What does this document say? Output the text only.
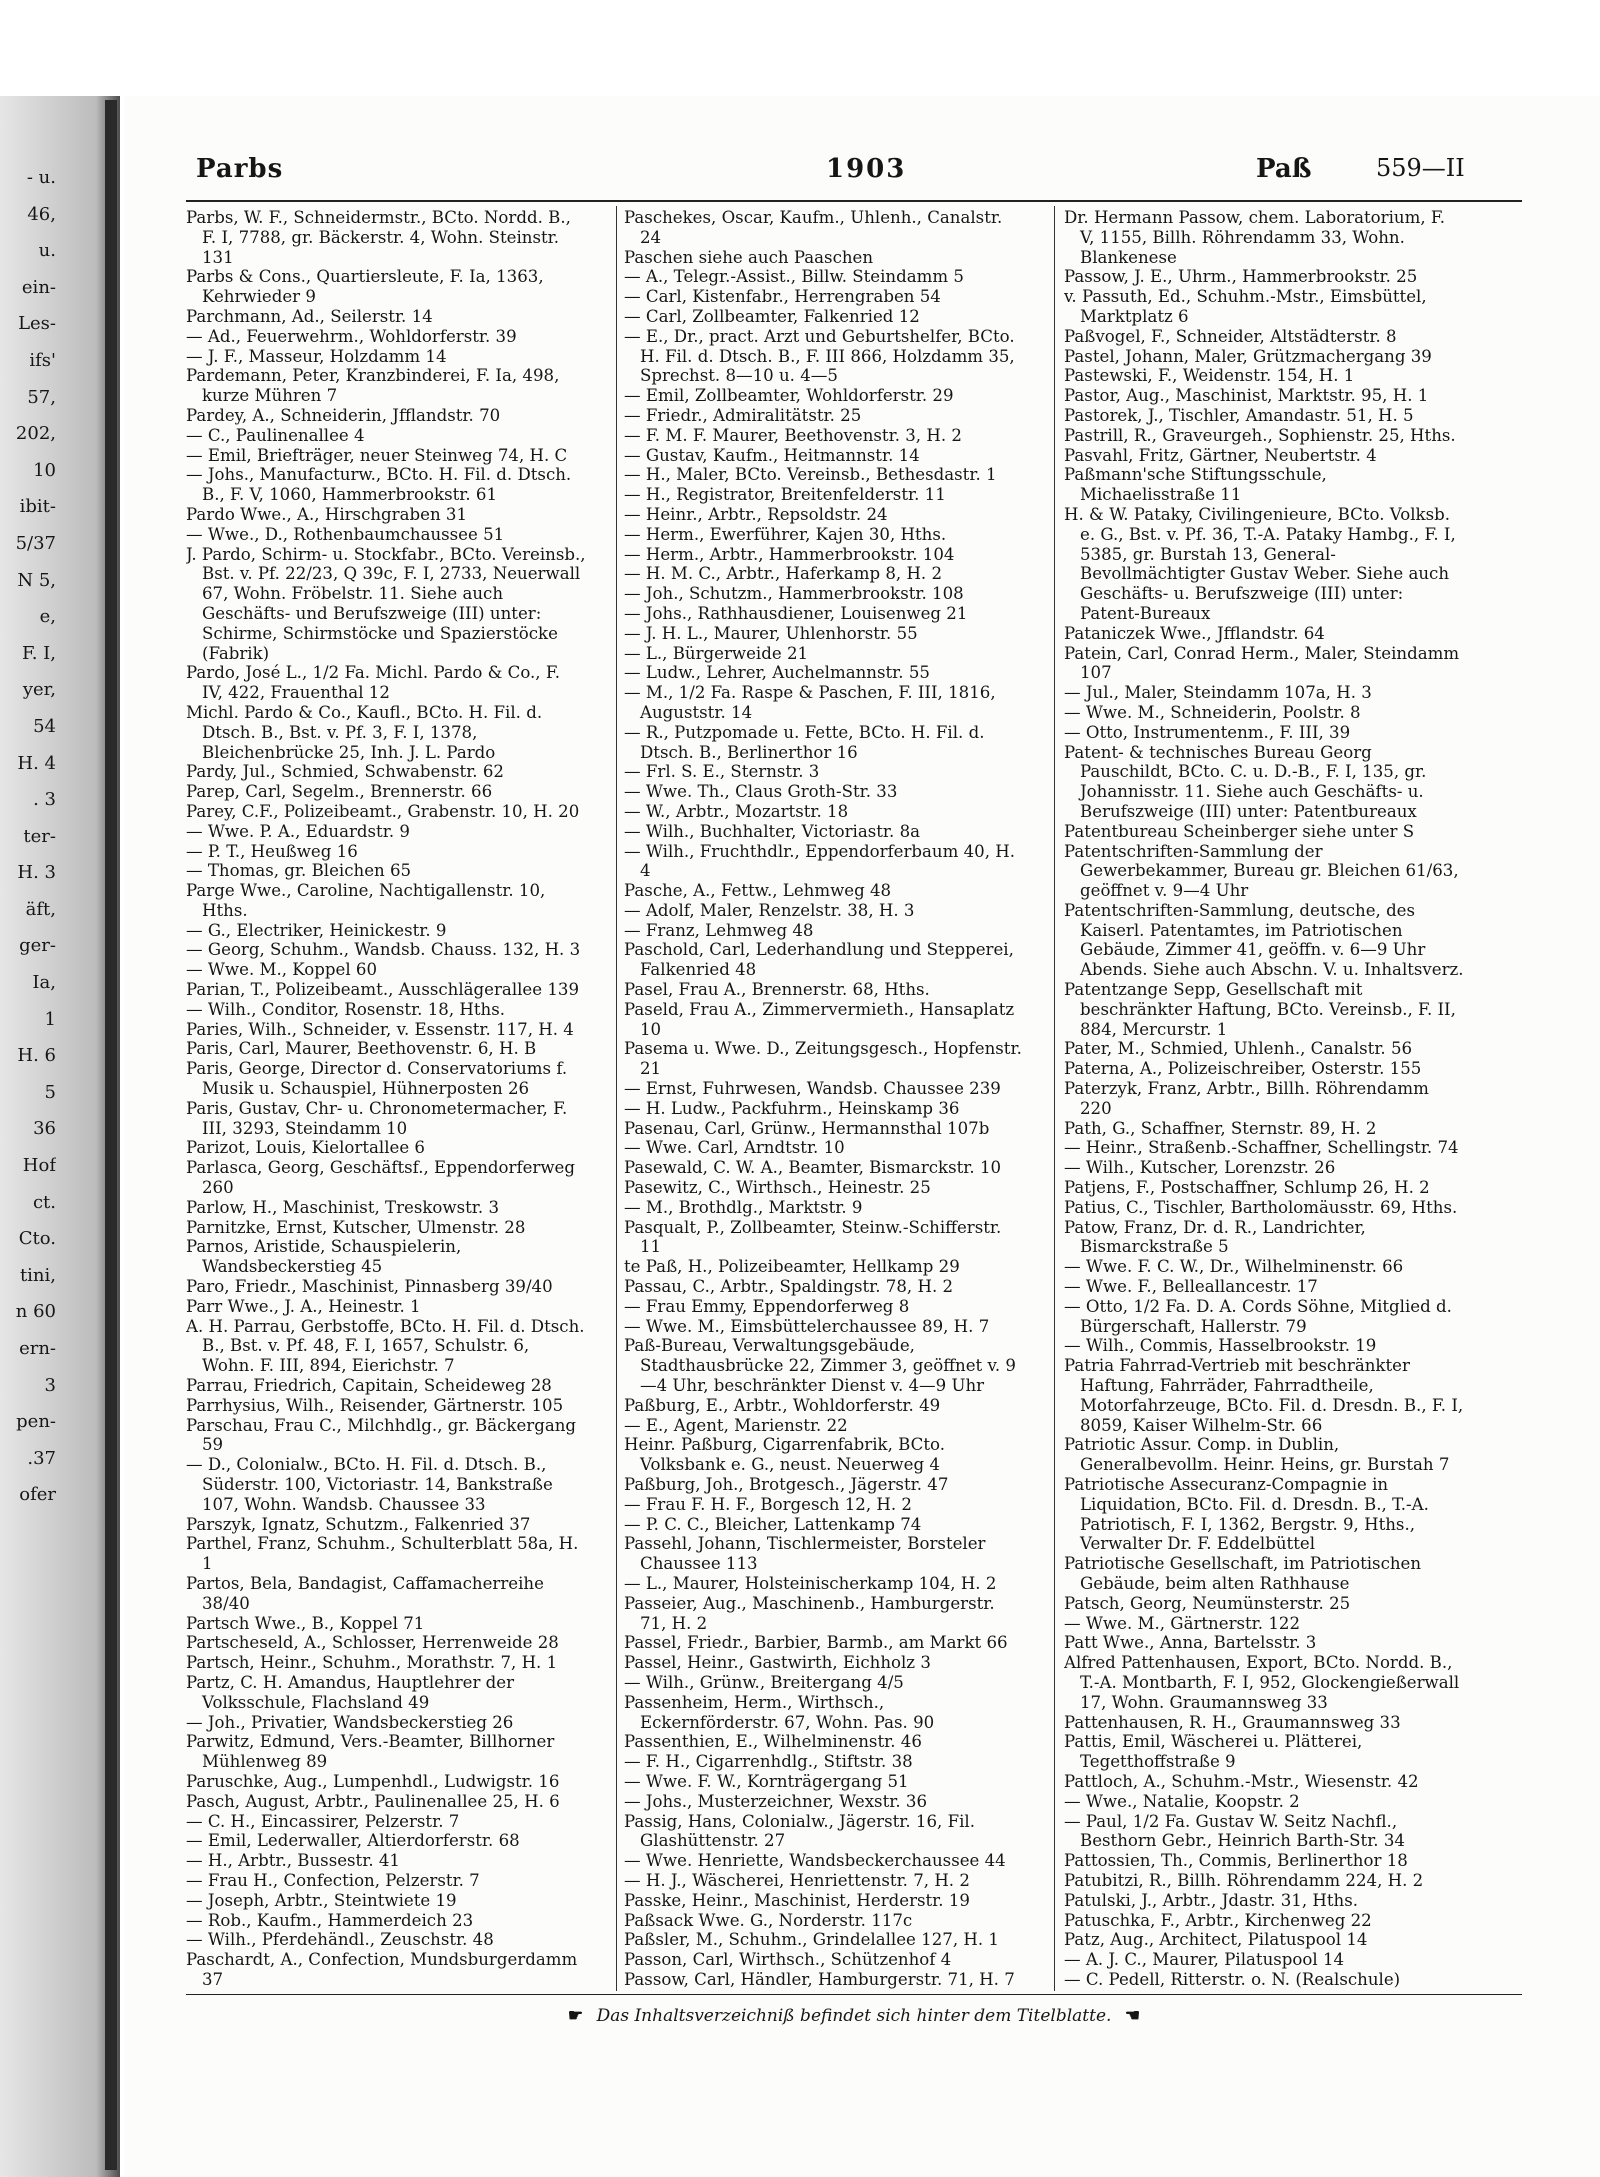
- u.
46,
u.
ein-
Les-
ifs'
57,
202,
10
ibit-
5/37
N 5,
e,
F. I,
yer,
54
H. 4
. 3
ter-
H. 3
äft,
ger-
Ia,
1
H. 6
5
36
Hof
ct.
Cto.
tini,
n 60
ern-
3
pen-
.37
ofer
Parbs	1903	Paß	559—II
Parbs, W. F., Schneidermstr., BCto. Nordd. B., F. I, 7788, gr. Bäckerstr. 4, Wohn. Steinstr. 131
Parbs & Cons., Quartiersleute, F. Ia, 1363, Kehrwieder 9
Parchmann, Ad., Seilerstr. 14
— Ad., Feuerwehrm., Wohldorferstr. 39
— J. F., Masseur, Holzdamm 14
Pardemann, Peter, Kranzbinderei, F. Ia, 498, kurze Mühren 7
Pardey, A., Schneiderin, Jfflandstr. 70
— C., Paulinenallee 4
— Emil, Briefträger, neuer Steinweg 74, H. C
— Johs., Manufacturw., BCto. H. Fil. d. Dtsch. B., F. V, 1060, Hammerbrookstr. 61
Pardo Wwe., A., Hirschgraben 31
— Wwe., D., Rothenbaumchaussee 51
J. Pardo, Schirm- u. Stockfabr., BCto. Vereinsb., Bst. v. Pf. 22/23, Q 39c, F. I, 2733, Neuerwall 67, Wohn. Fröbelstr. 11. Siehe auch Geschäfts- und Berufszweige (III) unter: Schirme, Schirmstöcke und Spazierstöcke (Fabrik)
Pardo, José L., 1/2 Fa. Michl. Pardo & Co., F. IV, 422, Frauenthal 12
Michl. Pardo & Co., Kaufl., BCto. H. Fil. d. Dtsch. B., Bst. v. Pf. 3, F. I, 1378, Bleichenbrücke 25, Inh. J. L. Pardo
Pardy, Jul., Schmied, Schwabenstr. 62
Parep, Carl, Segelm., Brennerstr. 66
Parey, C.F., Polizeibeamt., Grabenstr. 10, H. 20
— Wwe. P. A., Eduardstr. 9
— P. T., Heußweg 16
— Thomas, gr. Bleichen 65
Parge Wwe., Caroline, Nachtigallenstr. 10, Hths.
— G., Electriker, Heinickestr. 9
— Georg, Schuhm., Wandsb. Chauss. 132, H. 3
— Wwe. M., Koppel 60
Parian, T., Polizeibeamt., Ausschlägerallee 139
— Wilh., Conditor, Rosenstr. 18, Hths.
Paries, Wilh., Schneider, v. Essenstr. 117, H. 4
Paris, Carl, Maurer, Beethovenstr. 6, H. B
Paris, George, Director d. Conservatoriums f. Musik u. Schauspiel, Hühnerposten 26
Paris, Gustav, Chr- u. Chronometermacher, F. III, 3293, Steindamm 10
Parizot, Louis, Kielortallee 6
Parlasca, Georg, Geschäftsf., Eppendorferweg 260
Parlow, H., Maschinist, Treskowstr. 3
Parnitzke, Ernst, Kutscher, Ulmenstr. 28
Parnos, Aristide, Schauspielerin, Wandsbeckerstieg 45
Paro, Friedr., Maschinist, Pinnasberg 39/40
Parr Wwe., J. A., Heinestr. 1
A. H. Parrau, Gerbstoffe, BCto. H. Fil. d. Dtsch. B., Bst. v. Pf. 48, F. I, 1657, Schulstr. 6, Wohn. F. III, 894, Eierichstr. 7
Parrau, Friedrich, Capitain, Scheideweg 28
Parrhysius, Wilh., Reisender, Gärtnerstr. 105
Parschau, Frau C., Milchhdlg., gr. Bäckergang 59
— D., Colonialw., BCto. H. Fil. d. Dtsch. B., Süderstr. 100, Victoriastr. 14, Bankstraße 107, Wohn. Wandsb. Chaussee 33
Parszyk, Ignatz, Schutzm., Falkenried 37
Parthel, Franz, Schuhm., Schulterblatt 58a, H. 1
Partos, Bela, Bandagist, Caffamacherreihe 38/40
Partsch Wwe., B., Koppel 71
Partscheseld, A., Schlosser, Herrenweide 28
Partsch, Heinr., Schuhm., Morathstr. 7, H. 1
Partz, C. H. Amandus, Hauptlehrer der Volksschule, Flachsland 49
— Joh., Privatier, Wandsbeckerstieg 26
Parwitz, Edmund, Vers.-Beamter, Billhorner Mühlenweg 89
Paruschke, Aug., Lumpenhdl., Ludwigstr. 16
Pasch, August, Arbtr., Paulinenallee 25, H. 6
— C. H., Eincassirer, Pelzerstr. 7
— Emil, Lederwaller, Altierdorferstr. 68
— H., Arbtr., Bussestr. 41
— Frau H., Confection, Pelzerstr. 7
— Joseph, Arbtr., Steintwiete 19
— Rob., Kaufm., Hammerdeich 23
— Wilh., Pferdehändl., Zeuschstr. 48
Paschardt, A., Confection, Mundsburgerdamm 37
Paschekes, Oscar, Kaufm., Uhlenh., Canalstr. 24
Paschen siehe auch Paaschen
— A., Telegr.-Assist., Billw. Steindamm 5
— Carl, Kistenfabr., Herrengraben 54
— Carl, Zollbeamter, Falkenried 12
— E., Dr., pract. Arzt und Geburtshelfer, BCto. H. Fil. d. Dtsch. B., F. III 866, Holzdamm 35, Sprechst. 8—10 u. 4—5
— Emil, Zollbeamter, Wohldorferstr. 29
— Friedr., Admiralitätstr. 25
— F. M. F. Maurer, Beethovenstr. 3, H. 2
— Gustav, Kaufm., Heitmannstr. 14
— H., Maler, BCto. Vereinsb., Bethesdastr. 1
— H., Registrator, Breitenfelderstr. 11
— Heinr., Arbtr., Repsoldstr. 24
— Herm., Ewerführer, Kajen 30, Hths.
— Herm., Arbtr., Hammerbrookstr. 104
— H. M. C., Arbtr., Haferkamp 8, H. 2
— Joh., Schutzm., Hammerbrookstr. 108
— Johs., Rathhausdiener, Louisenweg 21
— J. H. L., Maurer, Uhlenhorstr. 55
— L., Bürgerweide 21
— Ludw., Lehrer, Auchelmannstr. 55
— M., 1/2 Fa. Raspe & Paschen, F. III, 1816, Auguststr. 14
— R., Putzpomade u. Fette, BCto. H. Fil. d. Dtsch. B., Berlinerthor 16
— Frl. S. E., Sternstr. 3
— Wwe. Th., Claus Groth-Str. 33
— W., Arbtr., Mozartstr. 18
— Wilh., Buchhalter, Victoriastr. 8a
— Wilh., Fruchthdlr., Eppendorferbaum 40, H. 4
Pasche, A., Fettw., Lehmweg 48
— Adolf, Maler, Renzelstr. 38, H. 3
— Franz, Lehmweg 48
Paschold, Carl, Lederhandlung und Stepperei, Falkenried 48
Pasel, Frau A., Brennerstr. 68, Hths.
Paseld, Frau A., Zimmervermieth., Hansaplatz 10
Pasema u. Wwe. D., Zeitungsgesch., Hopfenstr. 21
— Ernst, Fuhrwesen, Wandsb. Chaussee 239
— H. Ludw., Packfuhrm., Heinskamp 36
Pasenau, Carl, Grünw., Hermannsthal 107b
— Wwe. Carl, Arndtstr. 10
Pasewald, C. W. A., Beamter, Bismarckstr. 10
Pasewitz, C., Wirthsch., Heinestr. 25
— M., Brothdlg., Marktstr. 9
Pasqualt, P., Zollbeamter, Steinw.-Schifferstr. 11
te Paß, H., Polizeibeamter, Hellkamp 29
Passau, C., Arbtr., Spaldingstr. 78, H. 2
— Frau Emmy, Eppendorferweg 8
— Wwe. M., Eimsbüttelerchaussee 89, H. 7
Paß-Bureau, Verwaltungsgebäude, Stadthausbrücke 22, Zimmer 3, geöffnet v. 9—4 Uhr, beschränkter Dienst v. 4—9 Uhr
Paßburg, E., Arbtr., Wohldorferstr. 49
— E., Agent, Marienstr. 22
Heinr. Paßburg, Cigarrenfabrik, BCto. Volksbank e. G., neust. Neuerweg 4
Paßburg, Joh., Brotgesch., Jägerstr. 47
— Frau F. H. F., Borgesch 12, H. 2
— P. C. C., Bleicher, Lattenkamp 74
Passehl, Johann, Tischlermeister, Borsteler Chaussee 113
— L., Maurer, Holsteinischerkamp 104, H. 2
Passeier, Aug., Maschinenb., Hamburgerstr. 71, H. 2
Passel, Friedr., Barbier, Barmb., am Markt 66
Passel, Heinr., Gastwirth, Eichholz 3
— Wilh., Grünw., Breitergang 4/5
Passenheim, Herm., Wirthsch., Eckernförderstr. 67, Wohn. Pas. 90
Passenthien, E., Wilhelminenstr. 46
— F. H., Cigarrenhdlg., Stiftstr. 38
— Wwe. F. W., Kornträgergang 51
— Johs., Musterzeichner, Wexstr. 36
Passig, Hans, Colonialw., Jägerstr. 16, Fil. Glashüttenstr. 27
— Wwe. Henriette, Wandsbeckerchaussee 44
— H. J., Wäscherei, Henriettenstr. 7, H. 2
Passke, Heinr., Maschinist, Herderstr. 19
Paßsack Wwe. G., Norderstr. 117c
Paßsler, M., Schuhm., Grindelallee 127, H. 1
Passon, Carl, Wirthsch., Schützenhof 4
Passow, Carl, Händler, Hamburgerstr. 71, H. 7
Dr. Hermann Passow, chem. Laboratorium, F. V, 1155, Billh. Röhrendamm 33, Wohn. Blankenese
Passow, J. E., Uhrm., Hammerbrookstr. 25
v. Passuth, Ed., Schuhm.-Mstr., Eimsbüttel, Marktplatz 6
Paßvogel, F., Schneider, Altstädterstr. 8
Pastel, Johann, Maler, Grützmachergang 39
Pastewski, F., Weidenstr. 154, H. 1
Pastor, Aug., Maschinist, Marktstr. 95, H. 1
Pastorek, J., Tischler, Amandastr. 51, H. 5
Pastrill, R., Graveurgeh., Sophienstr. 25, Hths.
Pasvahl, Fritz, Gärtner, Neubertstr. 4
Paßmann'sche Stiftungsschule, Michaelisstraße 11
H. & W. Pataky, Civilingenieure, BCto. Volksb. e. G., Bst. v. Pf. 36, T.-A. Pataky Hambg., F. I, 5385, gr. Burstah 13, General-Bevollmächtigter Gustav Weber. Siehe auch Geschäfts- u. Berufszweige (III) unter: Patent-Bureaux
Pataniczek Wwe., Jfflandstr. 64
Patein, Carl, Conrad Herm., Maler, Steindamm 107
— Jul., Maler, Steindamm 107a, H. 3
— Wwe. M., Schneiderin, Poolstr. 8
— Otto, Instrumentenm., F. III, 39
Patent- & technisches Bureau Georg Pauschildt, BCto. C. u. D.-B., F. I, 135, gr. Johannisstr. 11. Siehe auch Geschäfts- u. Berufszweige (III) unter: Patentbureaux
Patentbureau Scheinberger siehe unter S
Patentschriften-Sammlung der Gewerbekammer, Bureau gr. Bleichen 61/63, geöffnet v. 9—4 Uhr
Patentschriften-Sammlung, deutsche, des Kaiserl. Patentamtes, im Patriotischen Gebäude, Zimmer 41, geöffn. v. 6—9 Uhr Abends. Siehe auch Abschn. V. u. Inhaltsverz.
Patentzange Sepp, Gesellschaft mit beschränkter Haftung, BCto. Vereinsb., F. II, 884, Mercurstr. 1
Pater, M., Schmied, Uhlenh., Canalstr. 56
Paterna, A., Polizeischreiber, Osterstr. 155
Paterzyk, Franz, Arbtr., Billh. Röhrendamm 220
Path, G., Schaffner, Sternstr. 89, H. 2
— Heinr., Straßenb.-Schaffner, Schellingstr. 74
— Wilh., Kutscher, Lorenzstr. 26
Patjens, F., Postschaffner, Schlump 26, H. 2
Patius, C., Tischler, Bartholomäusstr. 69, Hths.
Patow, Franz, Dr. d. R., Landrichter, Bismarckstraße 5
— Wwe. F. C. W., Dr., Wilhelminenstr. 66
— Wwe. F., Belleallancestr. 17
— Otto, 1/2 Fa. D. A. Cords Söhne, Mitglied d. Bürgerschaft, Hallerstr. 79
— Wilh., Commis, Hasselbrookstr. 19
Patria Fahrrad-Vertrieb mit beschränkter Haftung, Fahrräder, Fahrradtheile, Motorfahrzeuge, BCto. Fil. d. Dresdn. B., F. I, 8059, Kaiser Wilhelm-Str. 66
Patriotic Assur. Comp. in Dublin, Generalbevollm. Heinr. Heins, gr. Burstah 7
Patriotische Assecuranz-Compagnie in Liquidation, BCto. Fil. d. Dresdn. B., T.-A. Patriotisch, F. I, 1362, Bergstr. 9, Hths., Verwalter Dr. F. Eddelbüttel
Patriotische Gesellschaft, im Patriotischen Gebäude, beim alten Rathhause
Patsch, Georg, Neumünsterstr. 25
— Wwe. M., Gärtnerstr. 122
Patt Wwe., Anna, Bartelsstr. 3
Alfred Pattenhausen, Export, BCto. Nordd. B., T.-A. Montbarth, F. I, 952, Glockengießerwall 17, Wohn. Graumannsweg 33
Pattenhausen, R. H., Graumannsweg 33
Pattis, Emil, Wäscherei u. Plätterei, Tegetthoffstraße 9
Pattloch, A., Schuhm.-Mstr., Wiesenstr. 42
— Wwe., Natalie, Koopstr. 2
— Paul, 1/2 Fa. Gustav W. Seitz Nachfl., Besthorn Gebr., Heinrich Barth-Str. 34
Pattossien, Th., Commis, Berlinerthor 18
Patubitzi, R., Billh. Röhrendamm 224, H. 2
Patulski, J., Arbtr., Jdastr. 31, Hths.
Patuschka, F., Arbtr., Kirchenweg 22
Patz, Aug., Architect, Pilatuspool 14
— A. J. C., Maurer, Pilatuspool 14
— C. Pedell, Ritterstr. o. N. (Realschule)
☛ Das Inhaltsverzeichniß befindet sich hinter dem Titelblatte. ☚
